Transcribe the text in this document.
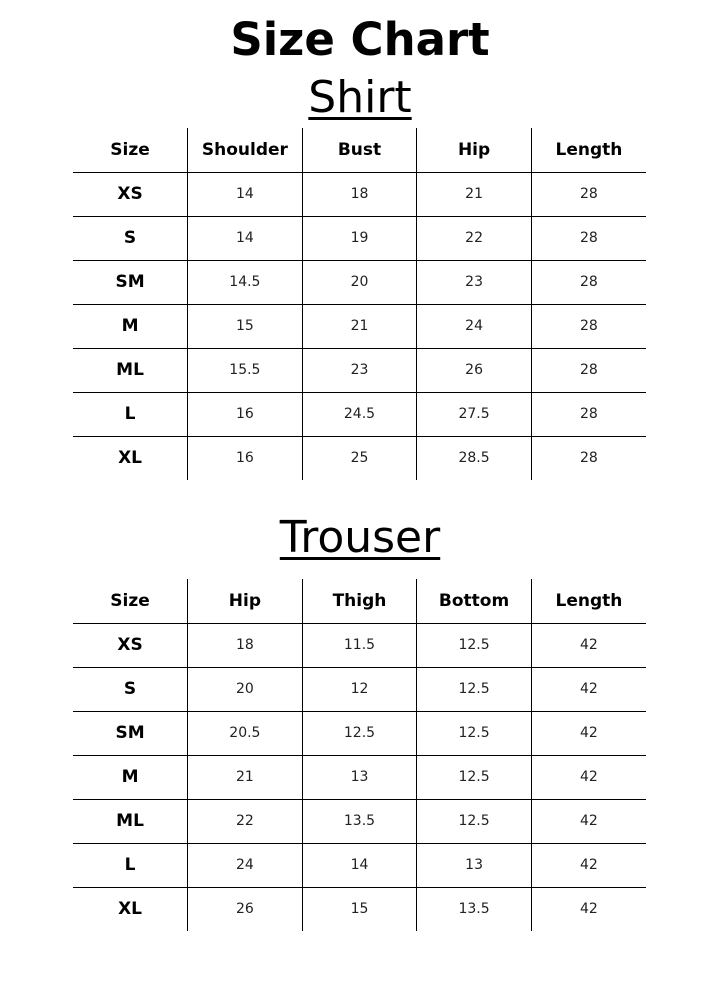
Size Chart
Shirt
Size	Shoulder	Bust	Hip	Length
XS	14	18	21	28
S	14	19	22	28
SM	14.5	20	23	28
M	15	21	24	28
ML	15.5	23	26	28
L	16	24.5	27.5	28
XL	16	25	28.5	28
Trouser
Size	Hip	Thigh	Bottom	Length
XS	18	11.5	12.5	42
S	20	12	12.5	42
SM	20.5	12.5	12.5	42
M	21	13	12.5	42
ML	22	13.5	12.5	42
L	24	14	13	42
XL	26	15	13.5	42
